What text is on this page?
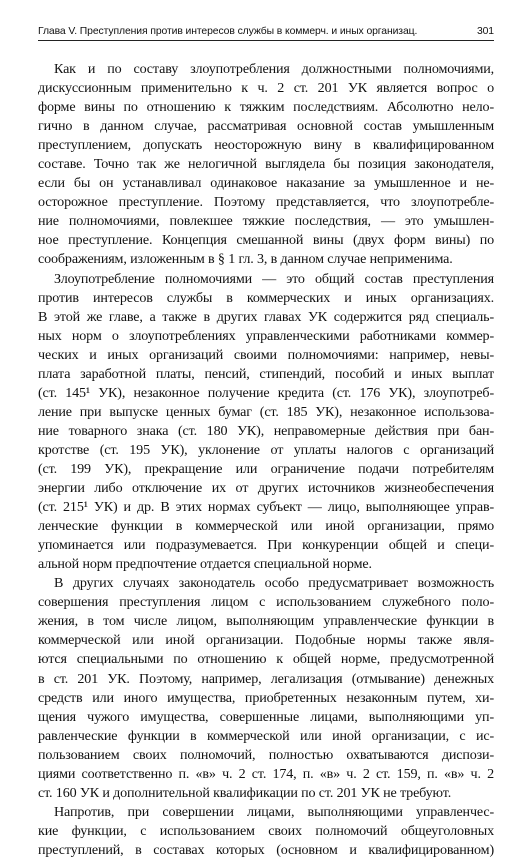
Глава V. Преступления против интересов службы в коммерч. и иных организац.	301
Как и по составу злоупотребления должностными полномочиями,
дискуссионным применительно к ч. 2 ст. 201 УК является вопрос о
форме вины по отношению к тяжким последствиям. Абсолютно нело-
гично в данном случае, рассматривая основной состав умышленным
преступлением, допускать неосторожную вину в квалифицированном
составе. Точно так же нелогичной выглядела бы позиция законодателя,
если бы он устанавливал одинаковое наказание за умышленное и не-
осторожное преступление. Поэтому представляется, что злоупотребле-
ние полномочиями, повлекшее тяжкие последствия, — это умышлен-
ное преступление. Концепция смешанной вины (двух форм вины) по
соображениям, изложенным в § 1 гл. 3, в данном случае неприменима.
Злоупотребление полномочиями — это общий состав преступления
против интересов службы в коммерческих и иных организациях.
В этой же главе, а также в других главах УК содержится ряд специаль-
ных норм о злоупотреблениях управленческими работниками коммер-
ческих и иных организаций своими полномочиями: например, невы-
плата заработной платы, пенсий, стипендий, пособий и иных выплат
(ст. 145¹ УК), незаконное получение кредита (ст. 176 УК), злоупотреб-
ление при выпуске ценных бумаг (ст. 185 УК), незаконное использова-
ние товарного знака (ст. 180 УК), неправомерные действия при бан-
кротстве (ст. 195 УК), уклонение от уплаты налогов с организаций
(ст. 199 УК), прекращение или ограничение подачи потребителям
энергии либо отключение их от других источников жизнеобеспечения
(ст. 215¹ УК) и др. В этих нормах субъект — лицо, выполняющее управ-
ленческие функции в коммерческой или иной организации, прямо
упоминается или подразумевается. При конкуренции общей и специ-
альной норм предпочтение отдается специальной норме.
В других случаях законодатель особо предусматривает возможность
совершения преступления лицом с использованием служебного поло-
жения, в том числе лицом, выполняющим управленческие функции в
коммерческой или иной организации. Подобные нормы также явля-
ются специальными по отношению к общей норме, предусмотренной
в ст. 201 УК. Поэтому, например, легализация (отмывание) денежных
средств или иного имущества, приобретенных незаконным путем, хи-
щения чужого имущества, совершенные лицами, выполняющими уп-
равленческие функции в коммерческой или иной организации, с ис-
пользованием своих полномочий, полностью охватываются диспози-
циями соответственно п. «в» ч. 2 ст. 174, п. «в» ч. 2 ст. 159, п. «в» ч. 2
ст. 160 УК и дополнительной квалификации по ст. 201 УК не требуют.
Напротив, при совершении лицами, выполняющими управленчес-
кие функции, с использованием своих полномочий общеуголовных
преступлений, в составах которых (основном и квалифицированном)
